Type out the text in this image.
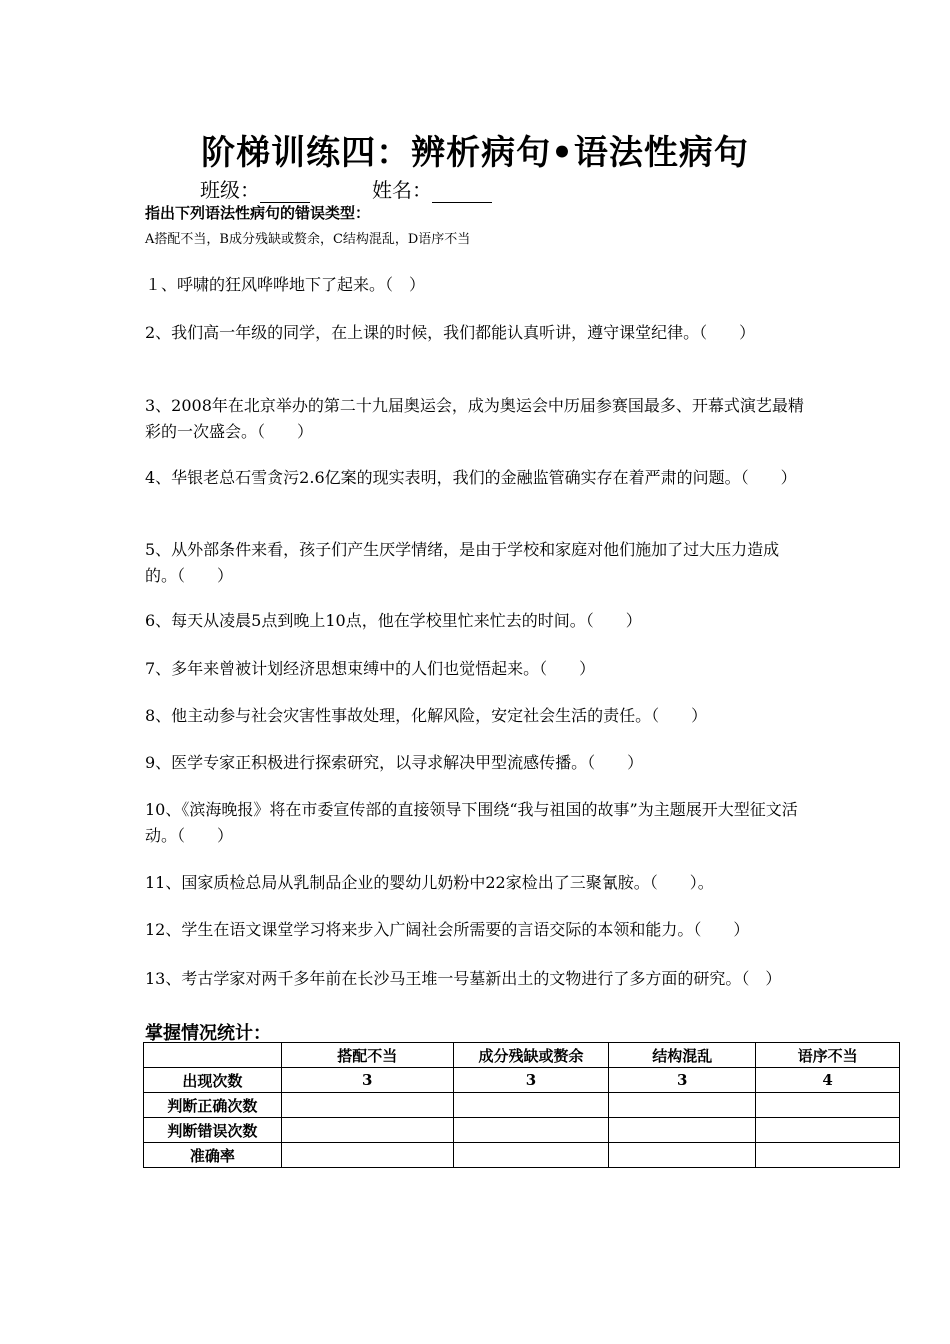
阶梯训练四：辨析病句•语法性病句
班级：	姓名：
指出下列语法性病句的错误类型：
A搭配不当，B成分残缺或赘余，C结构混乱，D语序不当
１、呼啸的狂风哗哗地下了起来。（　）
2、我们高一年级的同学，在上课的时候，我们都能认真听讲，遵守课堂纪律。（　　）
3、2008年在北京举办的第二十九届奥运会，成为奥运会中历届参赛国最多、开幕式演艺最精彩的一次盛会。（　　）
4、华银老总石雪贪污2.6亿案的现实表明，我们的金融监管确实存在着严肃的问题。（　　）
5、从外部条件来看，孩子们产生厌学情绪，是由于学校和家庭对他们施加了过大压力造成的。（　　）
6、每天从凌晨5点到晚上10点，他在学校里忙来忙去的时间。（　　）
7、多年来曾被计划经济思想束缚中的人们也觉悟起来。（　　）
8、他主动参与社会灾害性事故处理，化解风险，安定社会生活的责任。（　　）
9、医学专家正积极进行探索研究，以寻求解决甲型流感传播。（　　）
10、《滨海晚报》将在市委宣传部的直接领导下围绕“我与祖国的故事”为主题展开大型征文活动。（　　）
11、国家质检总局从乳制品企业的婴幼儿奶粉中22家检出了三聚氰胺。（　　）。
12、学生在语文课堂学习将来步入广阔社会所需要的言语交际的本领和能力。（　　）
13、考古学家对两千多年前在长沙马王堆一号墓新出土的文物进行了多方面的研究。（　）
掌握情况统计：
	搭配不当	成分残缺或赘余	结构混乱	语序不当
出现次数	3	3	3	4
判断正确次数				
判断错误次数				
准确率				
